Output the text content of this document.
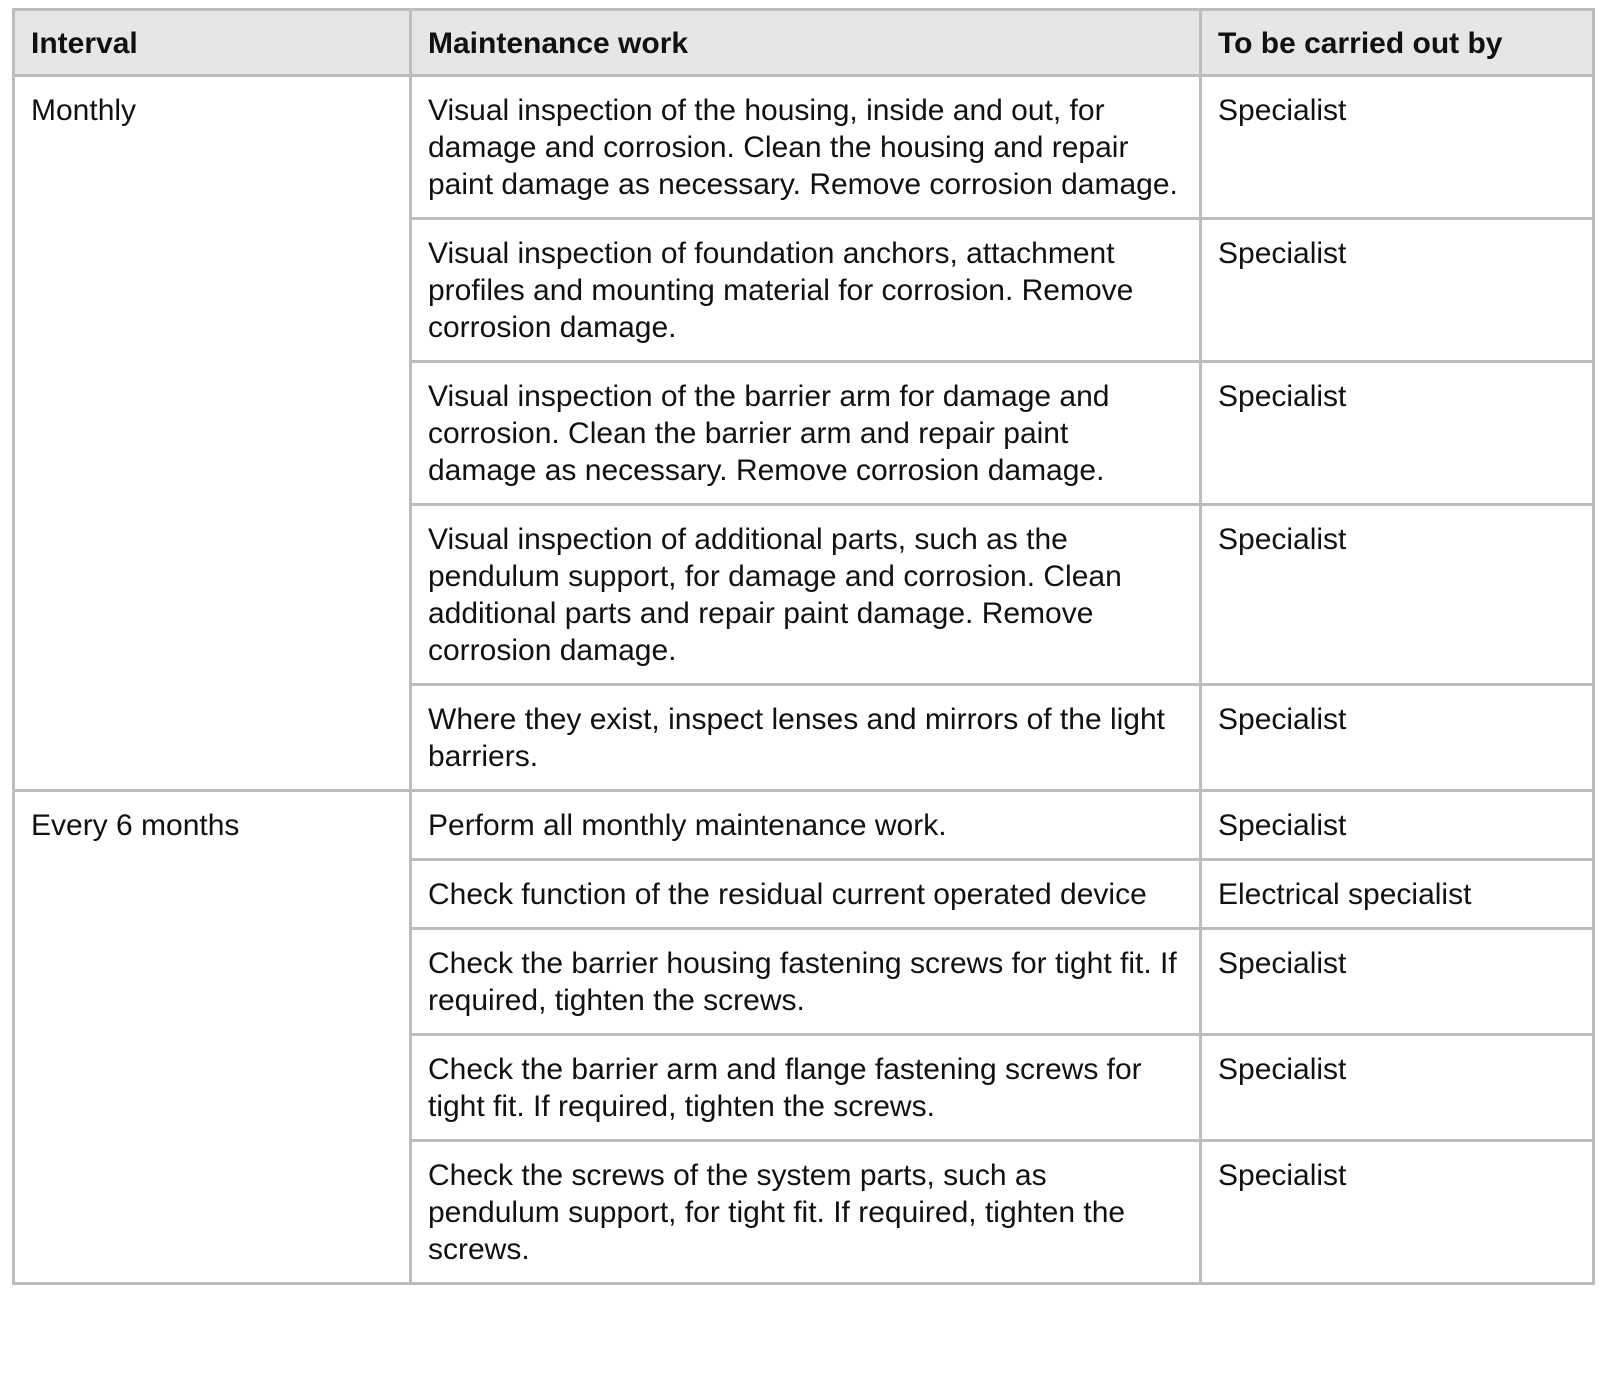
Interval	Maintenance work	To be carried out by
Monthly	Visual inspection of the housing, inside and out, for damage and corrosion. Clean the housing and repair paint damage as necessary. Remove corrosion damage.	Specialist
	Visual inspection of foundation anchors, attachment profiles and mounting material for corrosion. Remove corrosion damage.	Specialist
	Visual inspection of the barrier arm for damage and corrosion. Clean the barrier arm and repair paint damage as necessary. Remove corrosion damage.	Specialist
	Visual inspection of additional parts, such as the pendulum support, for damage and corrosion. Clean additional parts and repair paint damage. Remove corrosion damage.	Specialist
	Where they exist, inspect lenses and mirrors of the light barriers.	Specialist
Every 6 months	Perform all monthly maintenance work.	Specialist
	Check function of the residual current operated device	Electrical specialist
	Check the barrier housing fastening screws for tight fit. If required, tighten the screws.	Specialist
	Check the barrier arm and flange fastening screws for tight fit. If required, tighten the screws.	Specialist
	Check the screws of the system parts, such as pendulum support, for tight fit. If required, tighten the screws.	Specialist
